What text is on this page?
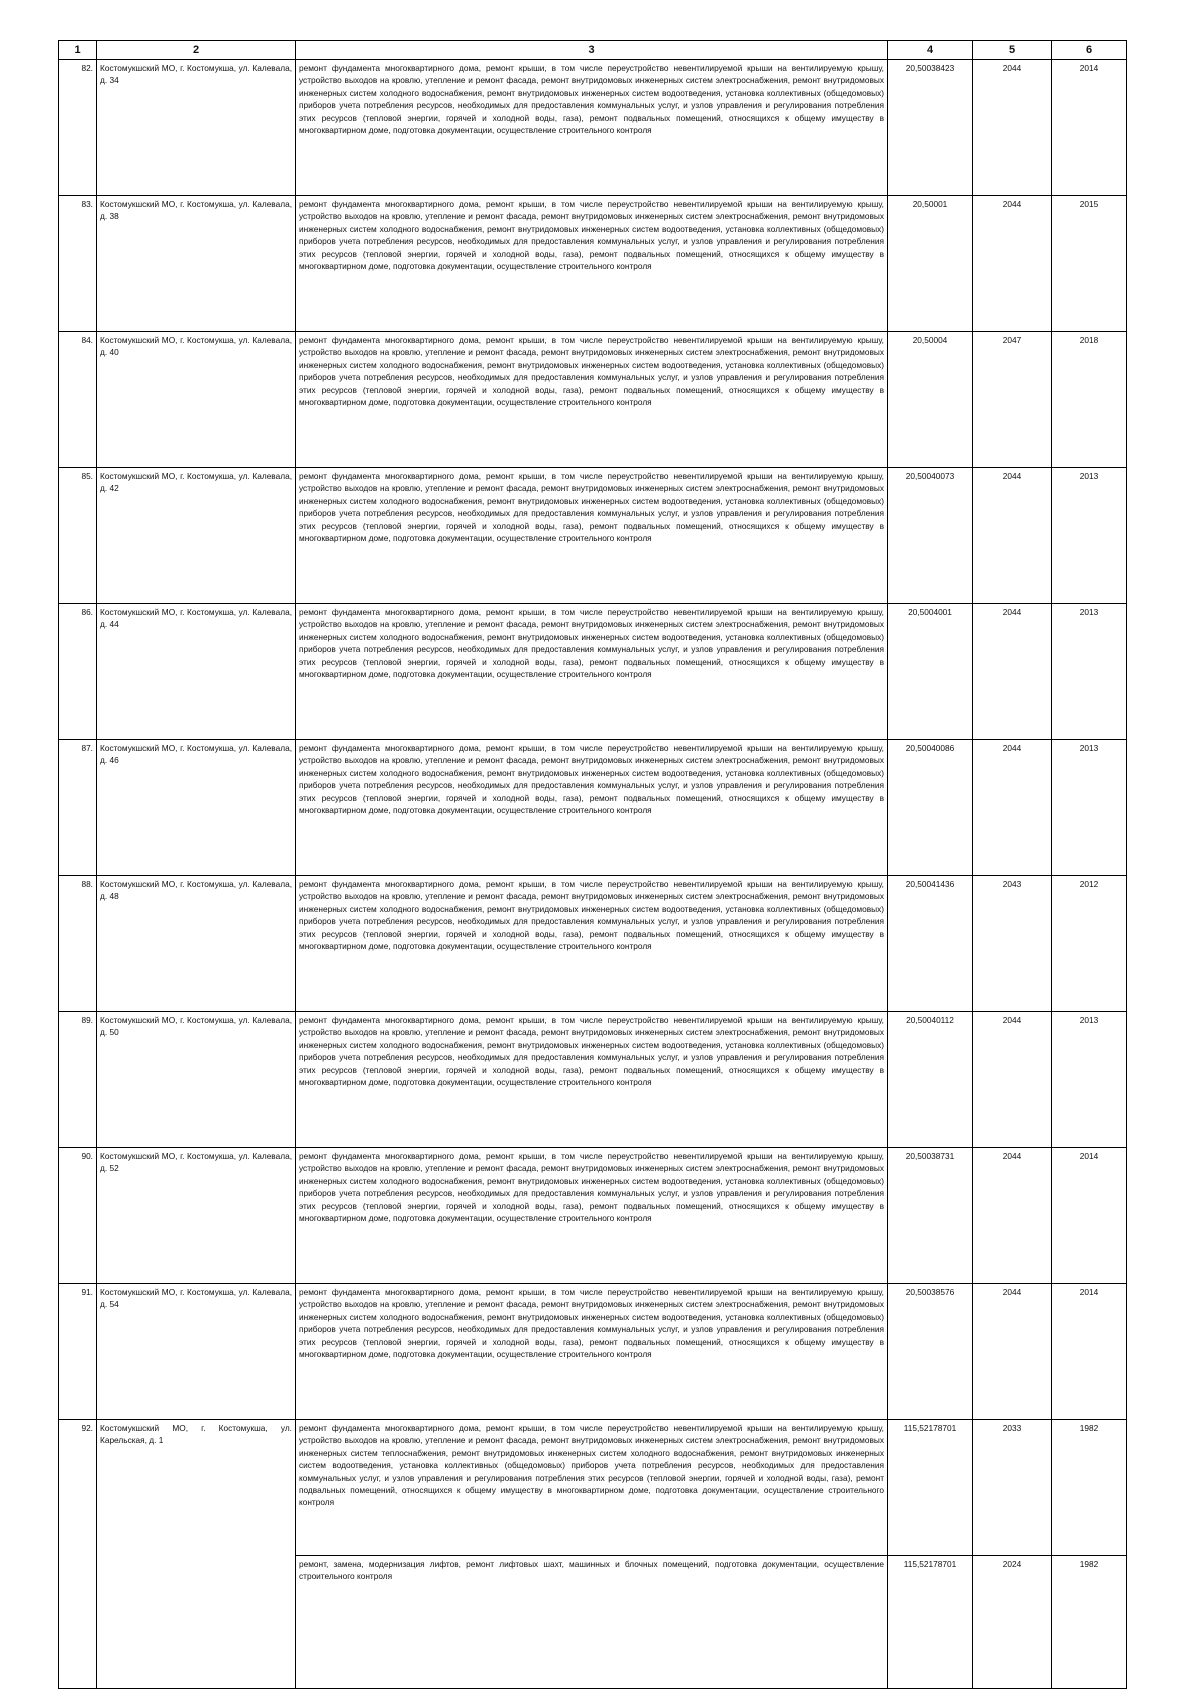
1	2	3	4	5	6
82.	Костомукшский МО, г. Костомукша, ул. Калевала, д. 34	ремонт фундамента многоквартирного дома, ремонт крыши, в том числе переустройство невентилируемой крыши на вентилируемую крышу, устройство выходов на кровлю, утепление и ремонт фасада, ремонт внутридомовых инженерных систем электроснабжения, ремонт внутридомовых инженерных систем холодного водоснабжения, ремонт внутридомовых инженерных систем водоотведения, установка коллективных (общедомовых) приборов учета потребления ресурсов, необходимых для предоставления коммунальных услуг, и узлов управления и регулирования потребления этих ресурсов (тепловой энергии, горячей и холодной воды, газа), ремонт подвальных помещений, относящихся к общему имуществу в многоквартирном доме, подготовка документации, осуществление строительного контроля	20,50038423	2044	2014
83.	Костомукшский МО, г. Костомукша, ул. Калевала, д. 38	ремонт фундамента многоквартирного дома, ремонт крыши, в том числе переустройство невентилируемой крыши на вентилируемую крышу, устройство выходов на кровлю, утепление и ремонт фасада, ремонт внутридомовых инженерных систем электроснабжения, ремонт внутридомовых инженерных систем холодного водоснабжения, ремонт внутридомовых инженерных систем водоотведения, установка коллективных (общедомовых) приборов учета потребления ресурсов, необходимых для предоставления коммунальных услуг, и узлов управления и регулирования потребления этих ресурсов (тепловой энергии, горячей и холодной воды, газа), ремонт подвальных помещений, относящихся к общему имуществу в многоквартирном доме, подготовка документации, осуществление строительного контроля	20,50001	2044	2015
84.	Костомукшский МО, г. Костомукша, ул. Калевала, д. 40	ремонт фундамента многоквартирного дома, ремонт крыши, в том числе переустройство невентилируемой крыши на вентилируемую крышу, устройство выходов на кровлю, утепление и ремонт фасада, ремонт внутридомовых инженерных систем электроснабжения, ремонт внутридомовых инженерных систем холодного водоснабжения, ремонт внутридомовых инженерных систем водоотведения, установка коллективных (общедомовых) приборов учета потребления ресурсов, необходимых для предоставления коммунальных услуг, и узлов управления и регулирования потребления этих ресурсов (тепловой энергии, горячей и холодной воды, газа), ремонт подвальных помещений, относящихся к общему имуществу в многоквартирном доме, подготовка документации, осуществление строительного контроля	20,50004	2047	2018
85.	Костомукшский МО, г. Костомукша, ул. Калевала, д. 42	ремонт фундамента многоквартирного дома, ремонт крыши, в том числе переустройство невентилируемой крыши на вентилируемую крышу, устройство выходов на кровлю, утепление и ремонт фасада, ремонт внутридомовых инженерных систем электроснабжения, ремонт внутридомовых инженерных систем холодного водоснабжения, ремонт внутридомовых инженерных систем водоотведения, установка коллективных (общедомовых) приборов учета потребления ресурсов, необходимых для предоставления коммунальных услуг, и узлов управления и регулирования потребления этих ресурсов (тепловой энергии, горячей и холодной воды, газа), ремонт подвальных помещений, относящихся к общему имуществу в многоквартирном доме, подготовка документации, осуществление строительного контроля	20,50040073	2044	2013
86.	Костомукшский МО, г. Костомукша, ул. Калевала, д. 44	ремонт фундамента многоквартирного дома, ремонт крыши, в том числе переустройство невентилируемой крыши на вентилируемую крышу, устройство выходов на кровлю, утепление и ремонт фасада, ремонт внутридомовых инженерных систем электроснабжения, ремонт внутридомовых инженерных систем холодного водоснабжения, ремонт внутридомовых инженерных систем водоотведения, установка коллективных (общедомовых) приборов учета потребления ресурсов, необходимых для предоставления коммунальных услуг, и узлов управления и регулирования потребления этих ресурсов (тепловой энергии, горячей и холодной воды, газа), ремонт подвальных помещений, относящихся к общему имуществу в многоквартирном доме, подготовка документации, осуществление строительного контроля	20,5004001	2044	2013
87.	Костомукшский МО, г. Костомукша, ул. Калевала, д. 46	ремонт фундамента многоквартирного дома, ремонт крыши, в том числе переустройство невентилируемой крыши на вентилируемую крышу, устройство выходов на кровлю, утепление и ремонт фасада, ремонт внутридомовых инженерных систем электроснабжения, ремонт внутридомовых инженерных систем холодного водоснабжения, ремонт внутридомовых инженерных систем водоотведения, установка коллективных (общедомовых) приборов учета потребления ресурсов, необходимых для предоставления коммунальных услуг, и узлов управления и регулирования потребления этих ресурсов (тепловой энергии, горячей и холодной воды, газа), ремонт подвальных помещений, относящихся к общему имуществу в многоквартирном доме, подготовка документации, осуществление строительного контроля	20,50040086	2044	2013
88.	Костомукшский МО, г. Костомукша, ул. Калевала, д. 48	ремонт фундамента многоквартирного дома, ремонт крыши, в том числе переустройство невентилируемой крыши на вентилируемую крышу, устройство выходов на кровлю, утепление и ремонт фасада, ремонт внутридомовых инженерных систем электроснабжения, ремонт внутридомовых инженерных систем холодного водоснабжения, ремонт внутридомовых инженерных систем водоотведения, установка коллективных (общедомовых) приборов учета потребления ресурсов, необходимых для предоставления коммунальных услуг, и узлов управления и регулирования потребления этих ресурсов (тепловой энергии, горячей и холодной воды, газа), ремонт подвальных помещений, относящихся к общему имуществу в многоквартирном доме, подготовка документации, осуществление строительного контроля	20,50041436	2043	2012
89.	Костомукшский МО, г. Костомукша, ул. Калевала, д. 50	ремонт фундамента многоквартирного дома, ремонт крыши, в том числе переустройство невентилируемой крыши на вентилируемую крышу, устройство выходов на кровлю, утепление и ремонт фасада, ремонт внутридомовых инженерных систем электроснабжения, ремонт внутридомовых инженерных систем холодного водоснабжения, ремонт внутридомовых инженерных систем водоотведения, установка коллективных (общедомовых) приборов учета потребления ресурсов, необходимых для предоставления коммунальных услуг, и узлов управления и регулирования потребления этих ресурсов (тепловой энергии, горячей и холодной воды, газа), ремонт подвальных помещений, относящихся к общему имуществу в многоквартирном доме, подготовка документации, осуществление строительного контроля	20,50040112	2044	2013
90.	Костомукшский МО, г. Костомукша, ул. Калевала, д. 52	ремонт фундамента многоквартирного дома, ремонт крыши, в том числе переустройство невентилируемой крыши на вентилируемую крышу, устройство выходов на кровлю, утепление и ремонт фасада, ремонт внутридомовых инженерных систем электроснабжения, ремонт внутридомовых инженерных систем холодного водоснабжения, ремонт внутридомовых инженерных систем водоотведения, установка коллективных (общедомовых) приборов учета потребления ресурсов, необходимых для предоставления коммунальных услуг, и узлов управления и регулирования потребления этих ресурсов (тепловой энергии, горячей и холодной воды, газа), ремонт подвальных помещений, относящихся к общему имуществу в многоквартирном доме, подготовка документации, осуществление строительного контроля	20,50038731	2044	2014
91.	Костомукшский МО, г. Костомукша, ул. Калевала, д. 54	ремонт фундамента многоквартирного дома, ремонт крыши, в том числе переустройство невентилируемой крыши на вентилируемую крышу, устройство выходов на кровлю, утепление и ремонт фасада, ремонт внутридомовых инженерных систем электроснабжения, ремонт внутридомовых инженерных систем холодного водоснабжения, ремонт внутридомовых инженерных систем водоотведения, установка коллективных (общедомовых) приборов учета потребления ресурсов, необходимых для предоставления коммунальных услуг, и узлов управления и регулирования потребления этих ресурсов (тепловой энергии, горячей и холодной воды, газа), ремонт подвальных помещений, относящихся к общему имуществу в многоквартирном доме, подготовка документации, осуществление строительного контроля	20,50038576	2044	2014
92.	Костомукшский МО, г. Костомукша, ул. Карельская, д. 1	ремонт фундамента многоквартирного дома, ремонт крыши, в том числе переустройство невентилируемой крыши на вентилируемую крышу, устройство выходов на кровлю, утепление и ремонт фасада, ремонт внутридомовых инженерных систем электроснабжения, ремонт внутридомовых инженерных систем теплоснабжения, ремонт внутридомовых инженерных систем холодного водоснабжения, ремонт внутридомовых инженерных систем водоотведения, установка коллективных (общедомовых) приборов учета потребления ресурсов, необходимых для предоставления коммунальных услуг, и узлов управления и регулирования потребления этих ресурсов (тепловой энергии, горячей и холодной воды, газа), ремонт подвальных помещений, относящихся к общему имуществу в многоквартирном доме, подготовка документации, осуществление строительного контроля	115,52178701	2033	1982
		ремонт, замена, модернизация лифтов, ремонт лифтовых шахт, машинных и блочных помещений, подготовка документации, осуществление строительного контроля	115,52178701	2024	1982
